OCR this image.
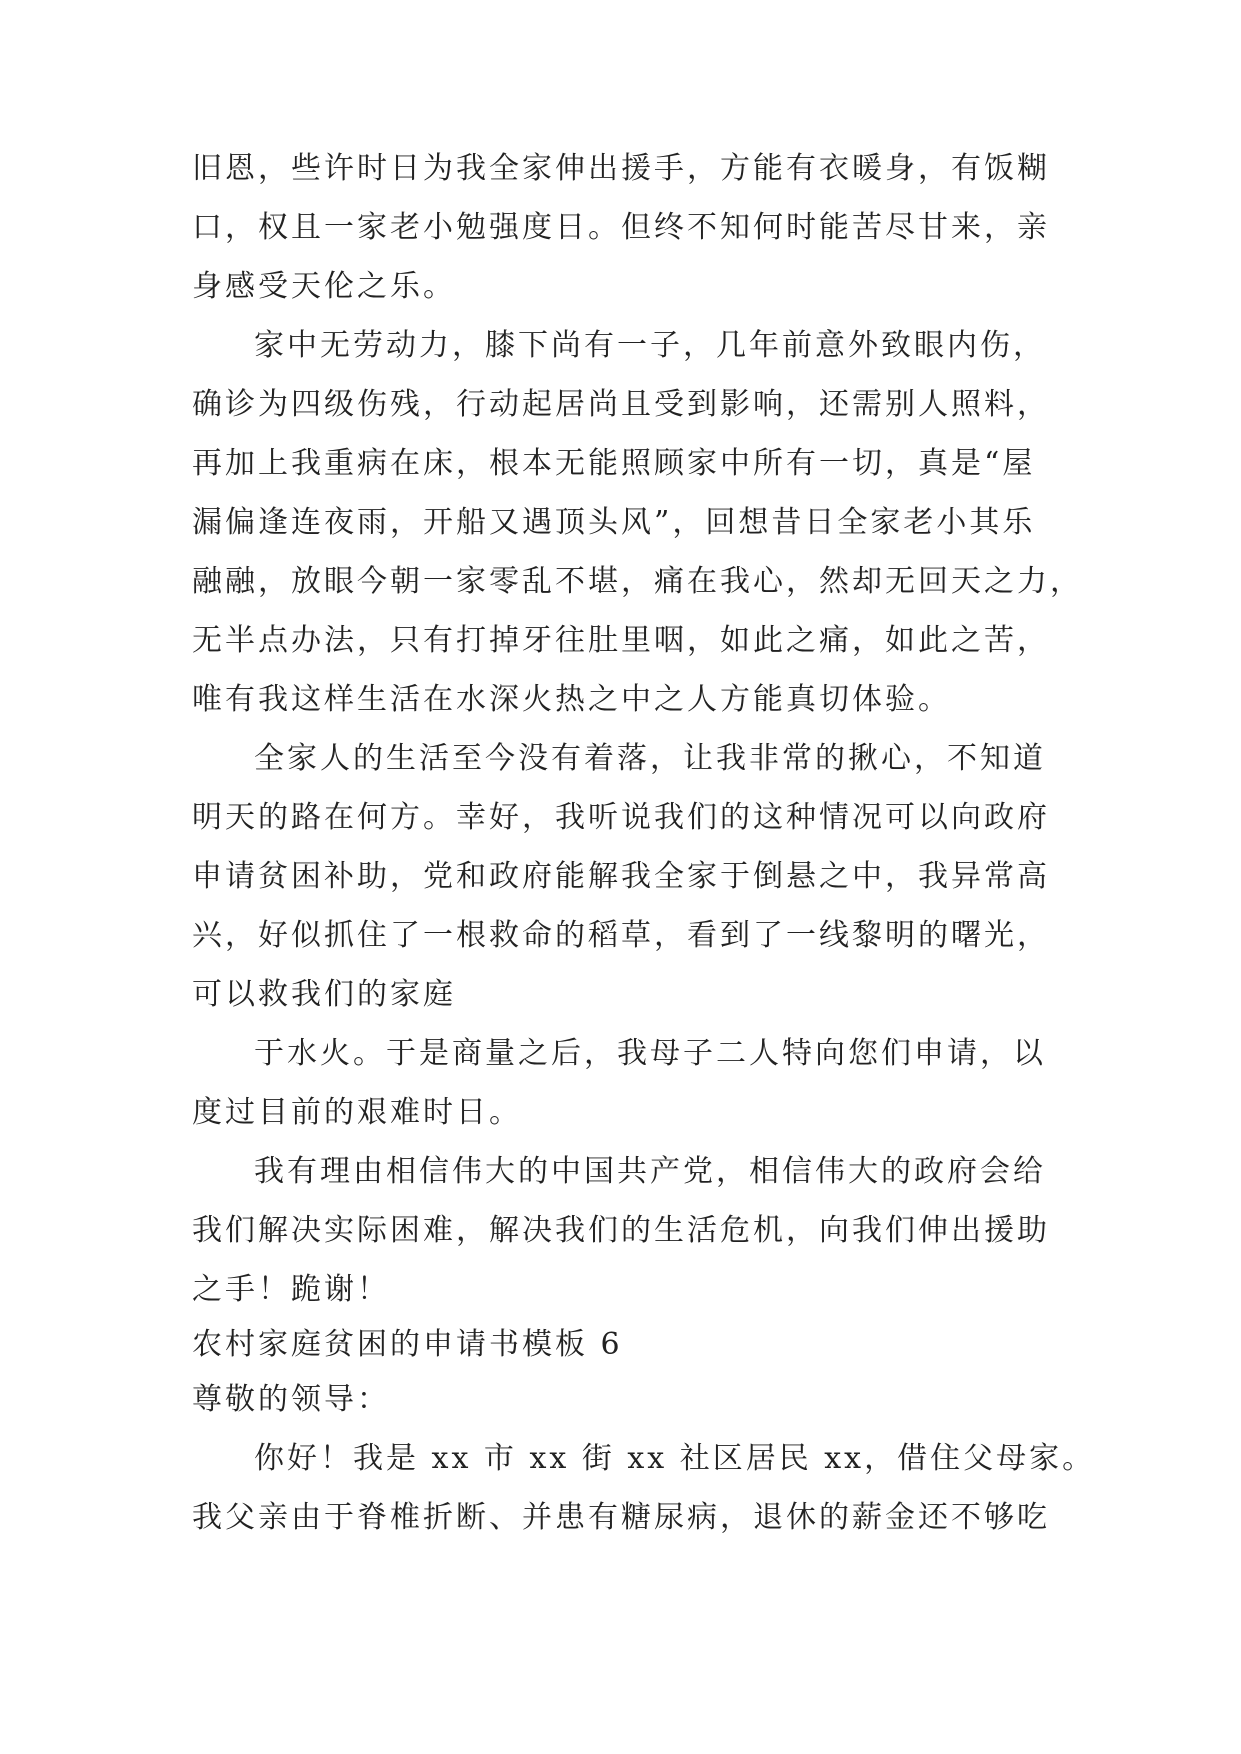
旧恩，些许时日为我全家伸出援手，方能有衣暖身，有饭糊
口，权且一家老小勉强度日。但终不知何时能苦尽甘来，亲
身感受天伦之乐。
家中无劳动力，膝下尚有一子，几年前意外致眼内伤，
确诊为四级伤残，行动起居尚且受到影响，还需别人照料，
再加上我重病在床，根本无能照顾家中所有一切，真是“屋
漏偏逢连夜雨，开船又遇顶头风”，回想昔日全家老小其乐
融融，放眼今朝一家零乱不堪，痛在我心，然却无回天之力，
无半点办法，只有打掉牙往肚里咽，如此之痛，如此之苦，
唯有我这样生活在水深火热之中之人方能真切体验。
全家人的生活至今没有着落，让我非常的揪心，不知道
明天的路在何方。幸好，我听说我们的这种情况可以向政府
申请贫困补助，党和政府能解我全家于倒悬之中，我异常高
兴，好似抓住了一根救命的稻草，看到了一线黎明的曙光，
可以救我们的家庭
于水火。于是商量之后，我母子二人特向您们申请，以
度过目前的艰难时日。
我有理由相信伟大的中国共产党，相信伟大的政府会给
我们解决实际困难，解决我们的生活危机，向我们伸出援助
之手！跪谢！
农村家庭贫困的申请书模板 6
尊敬的领导：
你好！我是 xx 市 xx 街 xx 社区居民 xx，借住父母家。
我父亲由于脊椎折断、并患有糖尿病，退休的薪金还不够吃
